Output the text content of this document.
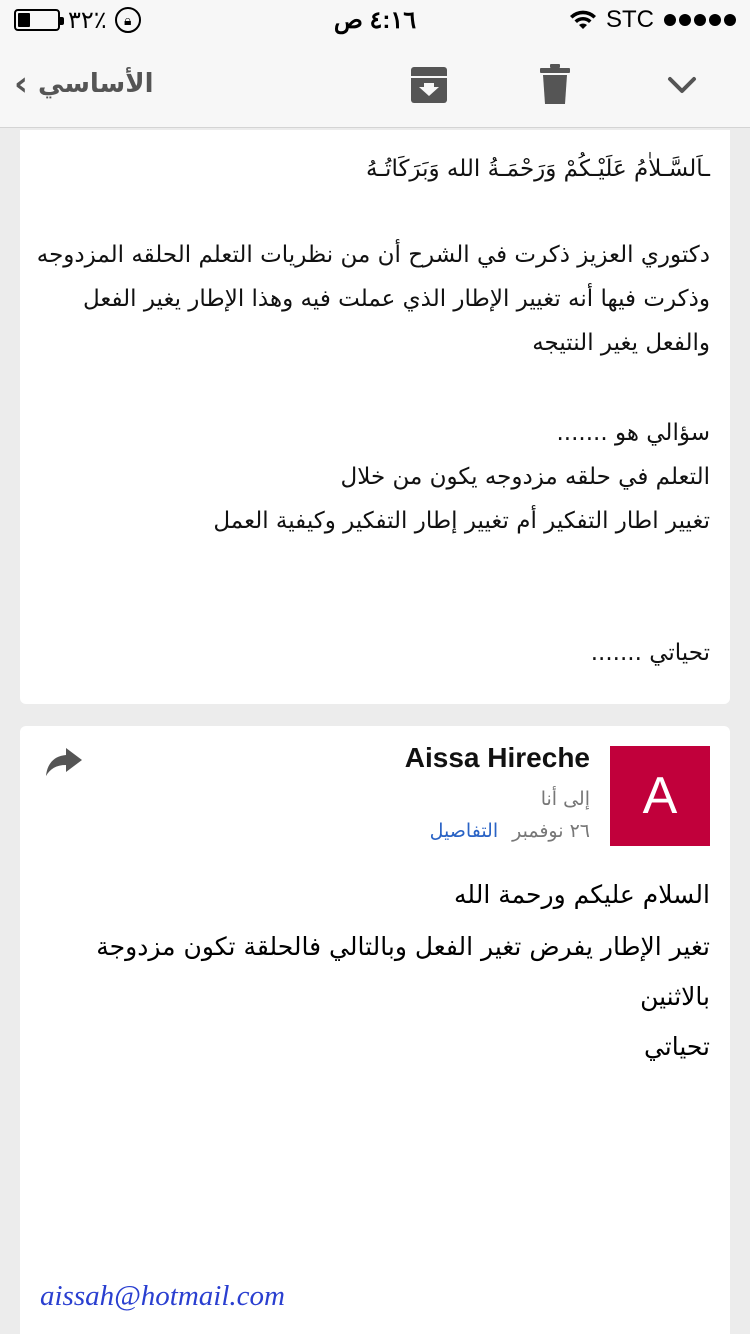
٣٢٪	🔒︎	٤:١٦ ص	STC
‹ الأساسي
ـاَلسَّـلاٰمُ عَلَيْـكُمْ وَرَحْمَـةُ الله وَبَرَكَاتُـهُ
دكتوري العزيز ذكرت في الشرح أن من نظريات التعلم الحلقه المزدوجه
وذكرت فيها أنه تغيير الإطار الذي عملت فيه وهذا الإطار يغير الفعل
والفعل يغير النتيجه
سؤالي هو .......
التعلم في حلقه مزدوجه يكون من خلال
تغيير اطار التفكير أم تغيير إطار التفكير وكيفية العمل
تحياتي .......
A
Aissa Hireche
إلى أنا
٢٦ نوفمبر
التفاصيل
السلام عليكم ورحمة الله
تغير الإطار يفرض تغير الفعل وبالتالي فالحلقة تكون مزدوجة
بالاثنين
تحياتي
aissah@hotmail.com
